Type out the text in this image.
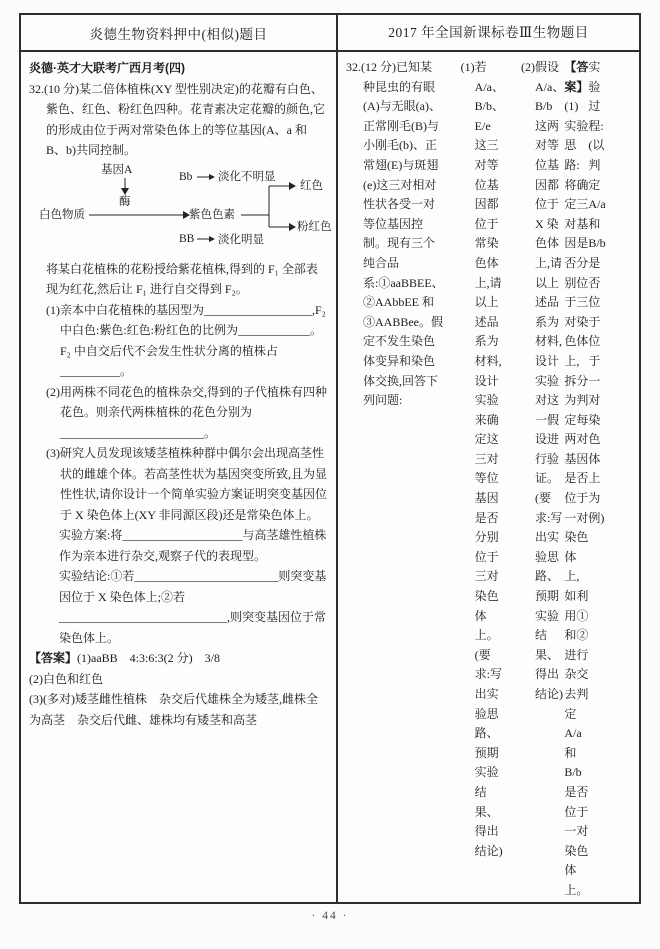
炎德生物资料押中(相似)题目	2017 年全国新课标卷Ⅲ生物题目

炎德·英才大联考广西月考(四)

32.(10 分)某二倍体植株(XY 型性别决定)的花瓣有白色、紫色、红色、粉红色四种。花青素决定花瓣的颜色,它的形成由位于两对常染色体上的等位基因(A、a 和 B、b)共同控制。

基因A
酶
白色物质	紫色色素
Bb 淡化不明显
红色
BB 淡化明显
粉红色

将某白花植株的花粉授给紫花植株,得到的 F₁ 全部表现为红花,然后让 F₁ 进行自交得到 F₂。

(1)亲本中白花植株的基因型为__________________,F₂ 中白色:紫色:红色:粉红色的比例为____________。F₂ 中自交后代不会发生性状分离的植株占__________。

(2)用两株不同花色的植株杂交,得到的子代植株有四种花色。则亲代两株植株的花色分别为________________________。

(3)研究人员发现该矮茎植株种群中偶尔会出现高茎性状的雌雄个体。若高茎性状为基因突变所致,且为显性性状,请你设计一个简单实验方案证明突变基因位于 X 染色体上(XY 非同源区段)还是常染色体上。

实验方案:将____________________与高茎雄性植株作为亲本进行杂交,观察子代的表现型。

实验结论:①若________________________则突变基因位于 X 染色体上;②若____________________________,则突变基因位于常染色体上。

【答案】(1)aaBB　4:3:6:3(2 分)　3/8

(2)白色和红色

(3)(多对)矮茎雌性植株　杂交后代雄株全为矮茎,雌株全为高茎　杂交后代雌、雄株均有矮茎和高茎

32.(12 分)已知某种昆虫的有眼(A)与无眼(a)、正常刚毛(B)与小刚毛(b)、正常翅(E)与斑翅(e)这三对相对性状各受一对等位基因控制。现有三个纯合品系:①aaBBEE、②AAbbEE 和③AABBee。假定不发生染色体变异和染色体交换,回答下列问题:

(1)若 A/a、B/b、E/e 这三对等位基因都位于常染色体上,请以上述品系为材料,设计实验来确定这三对等位基因是否分别位于三对染色体上。(要求:写出实验思路、预期实验结果、得出结论)

(2)假设 A/a、B/b 这两对等位基因都位于 X 染色体上,请以上述品系为材料,设计实验对这一假设进行验证。(要求:写出实验思路、预期实验结果、得出结论)

【答案】(1)实验思路:将确定三对基因是否分别位于三对染色体上,拆分为判定每两对基因是否位于一对染色体上,如利用①和②进行杂交去判定 A/a 和 B/b 是否位于一对染色体上。

实验过程:(以判定 A/a 和 B/b 是否位于位于一对染色体上为例)

· 44 ·
